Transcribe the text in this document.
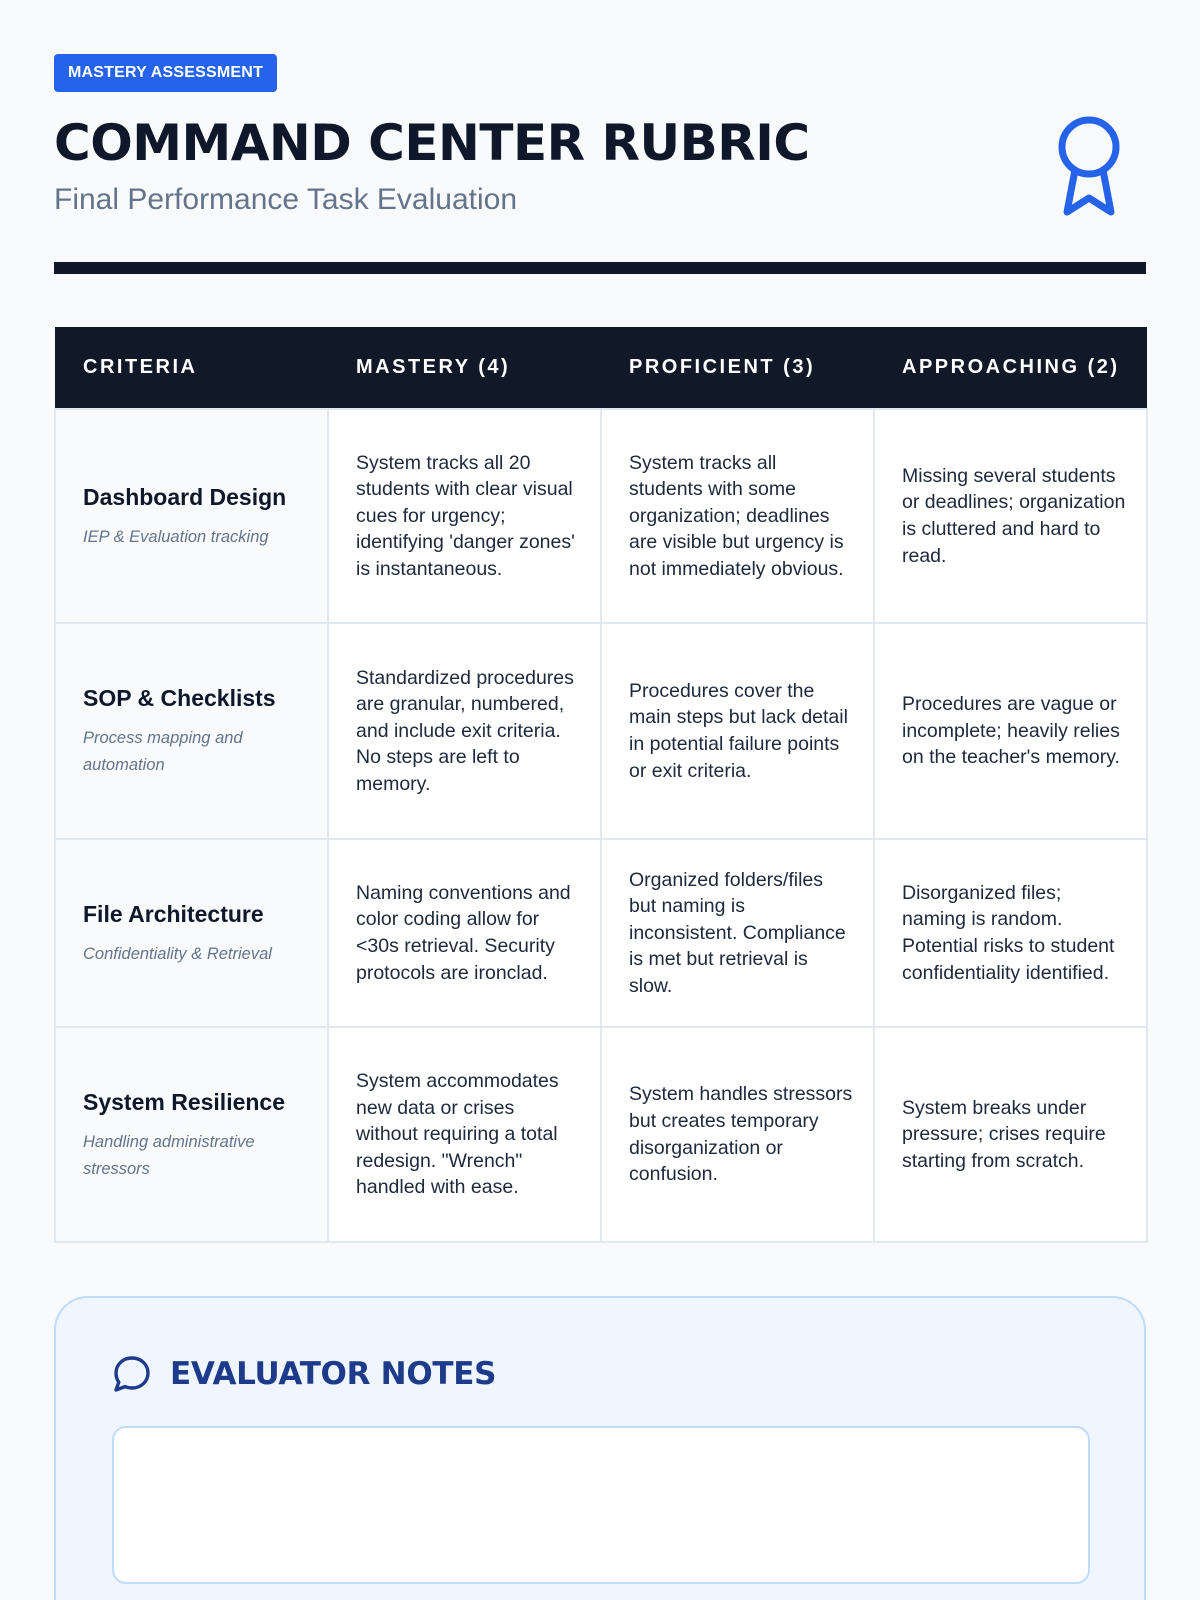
MASTERY ASSESSMENT
COMMAND CENTER RUBRIC
Final Performance Task Evaluation
CRITERIA	MASTERY (4)	PROFICIENT (3)	APPROACHING (2)

Dashboard Design
IEP & Evaluation tracking	System tracks all 20 students with clear visual cues for urgency; identifying 'danger zones' is instantaneous.	System tracks all students with some organization; deadlines are visible but urgency is not immediately obvious.	Missing several students or deadlines; organization is cluttered and hard to read.

SOP & Checklists
Process mapping and automation	Standardized procedures are granular, numbered, and include exit criteria. No steps are left to memory.	Procedures cover the main steps but lack detail in potential failure points or exit criteria.	Procedures are vague or incomplete; heavily relies on the teacher's memory.

File Architecture
Confidentiality & Retrieval	Naming conventions and color coding allow for <30s retrieval. Security protocols are ironclad.	Organized folders/files but naming is inconsistent. Compliance is met but retrieval is slow.	Disorganized files; naming is random. Potential risks to student confidentiality identified.

System Resilience
Handling administrative stressors	System accommodates new data or crises without requiring a total redesign. "Wrench" handled with ease.	System handles stressors but creates temporary disorganization or confusion.	System breaks under pressure; crises require starting from scratch.
EVALUATOR NOTES
